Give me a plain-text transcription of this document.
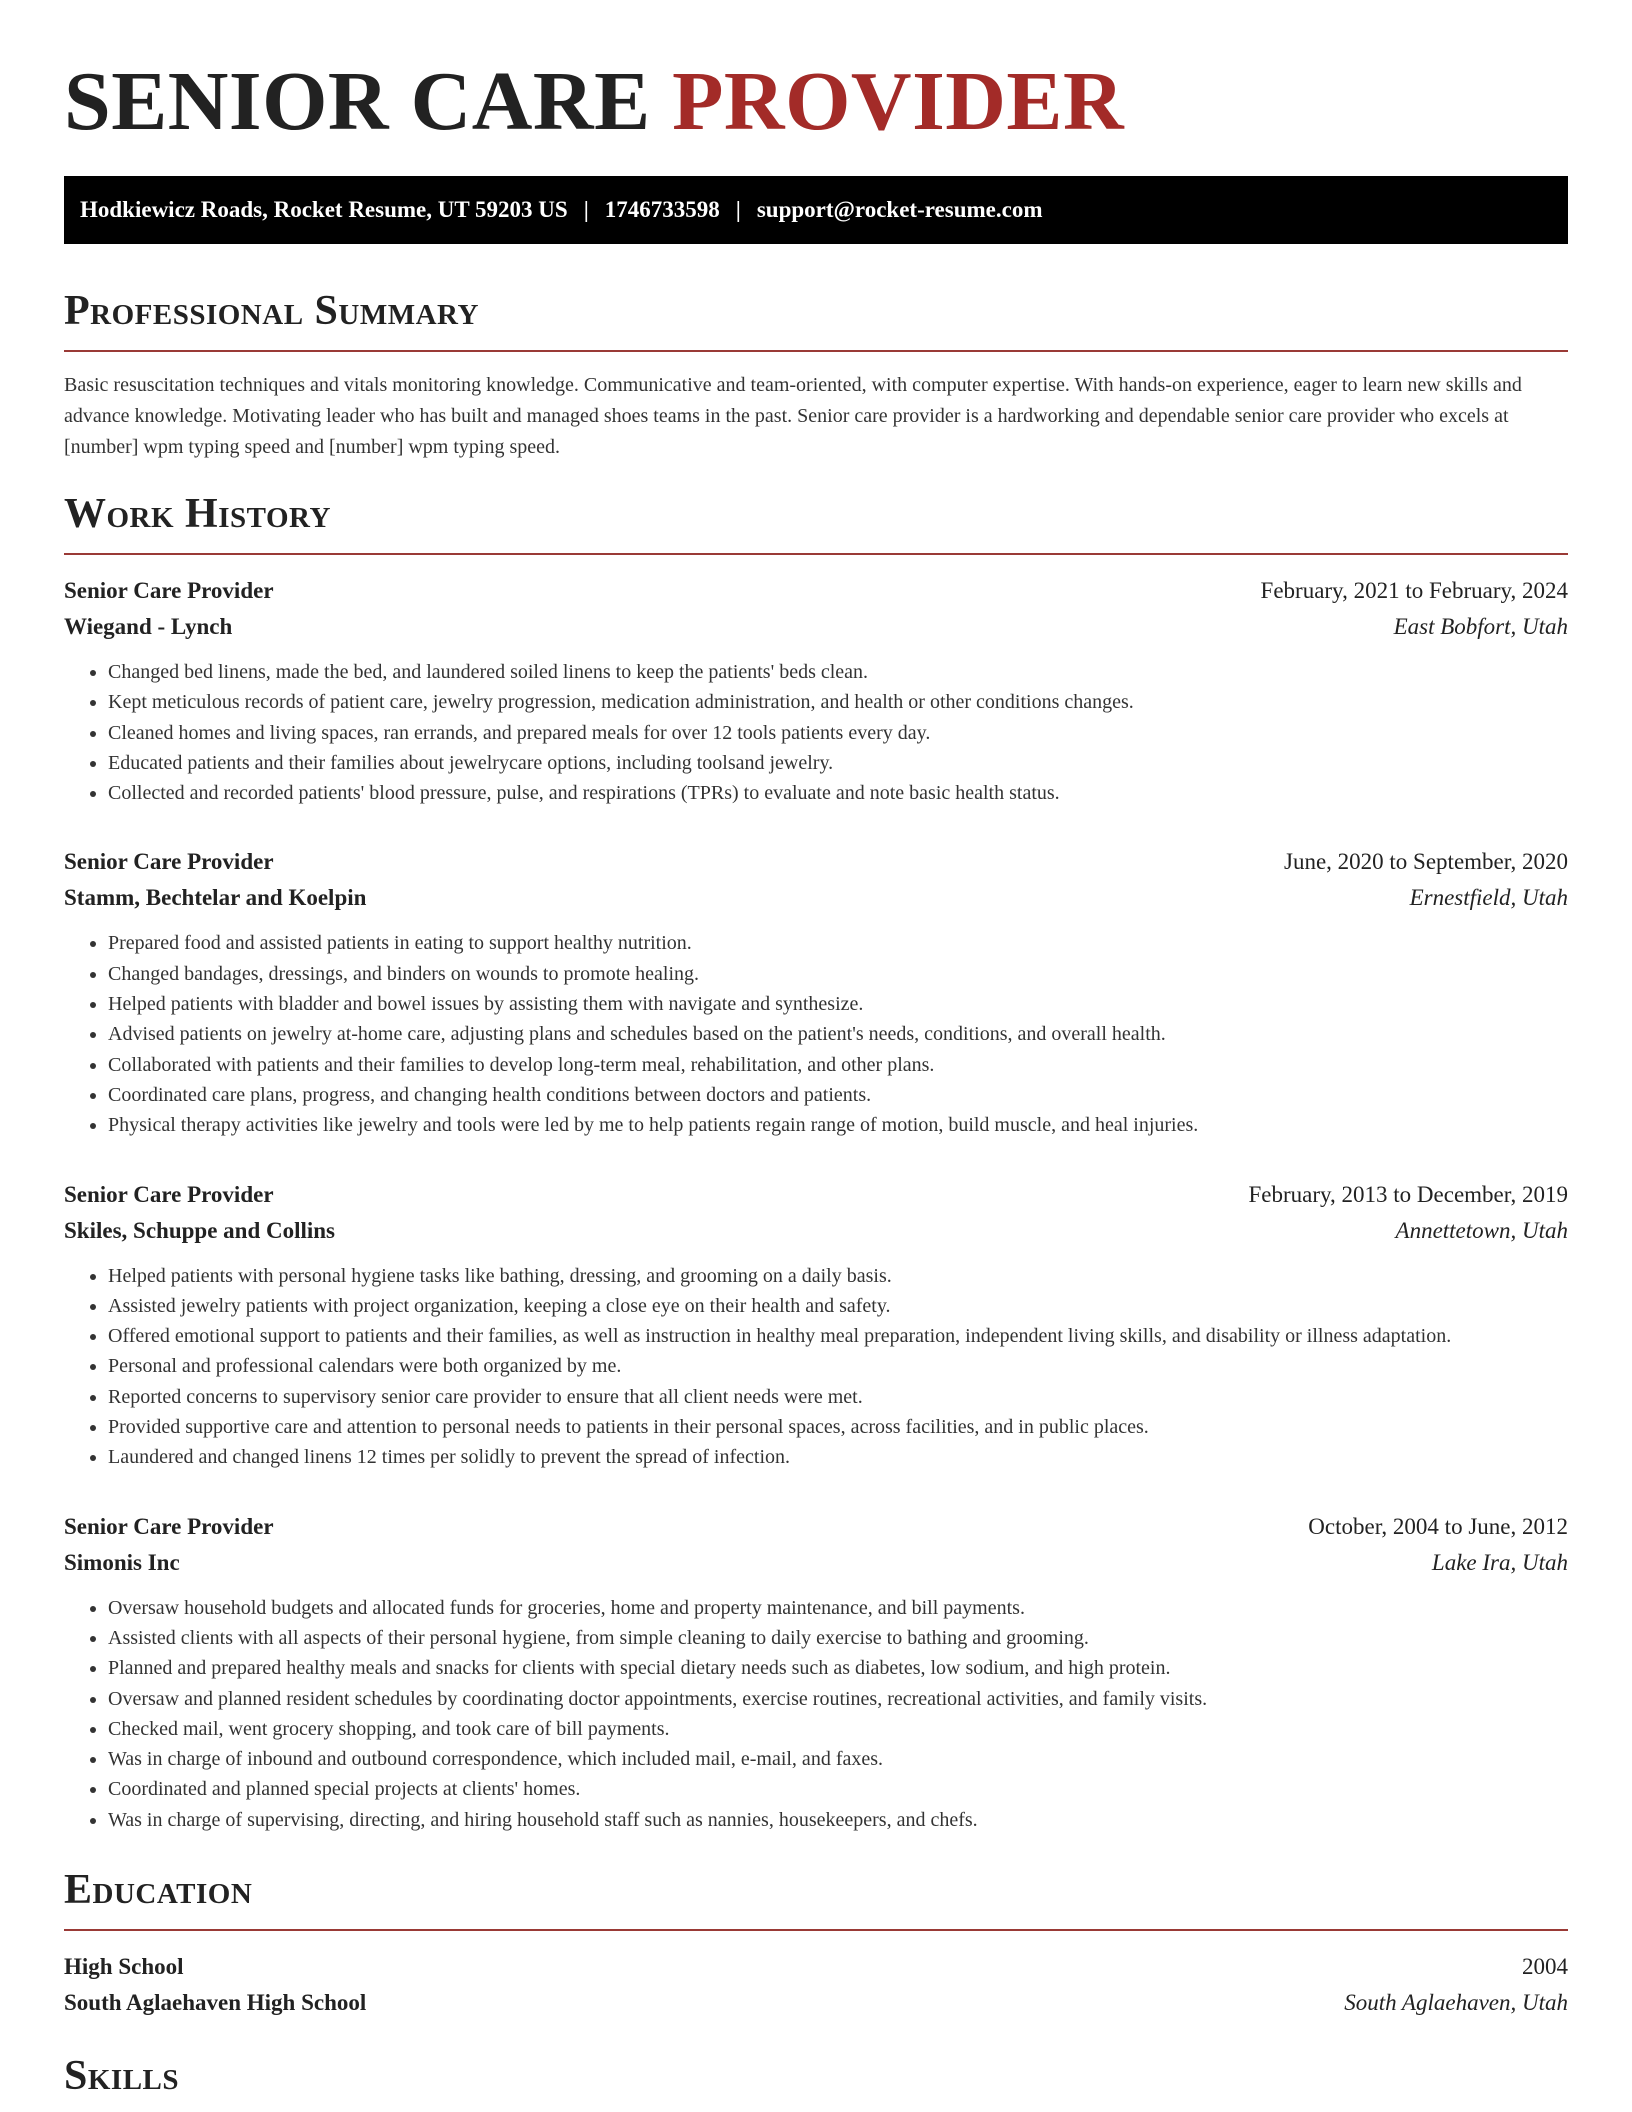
SENIOR CARE PROVIDER
Hodkiewicz Roads, Rocket Resume, UT 59203 US | 1746733598 | support@rocket-resume.com
Professional Summary

Basic resuscitation techniques and vitals monitoring knowledge. Communicative and team-oriented, with computer expertise. With hands-on experience, eager to learn new skills and advance knowledge. Motivating leader who has built and managed shoes teams in the past. Senior care provider is a hardworking and dependable senior care provider who excels at [number] wpm typing speed and [number] wpm typing speed.

Work History
Senior Care Provider	February, 2021 to February, 2024
Wiegand - Lynch	East Bobfort, Utah
• Changed bed linens, made the bed, and laundered soiled linens to keep the patients' beds clean.
• Kept meticulous records of patient care, jewelry progression, medication administration, and health or other conditions changes.
• Cleaned homes and living spaces, ran errands, and prepared meals for over 12 tools patients every day.
• Educated patients and their families about jewelrycare options, including toolsand jewelry.
• Collected and recorded patients' blood pressure, pulse, and respirations (TPRs) to evaluate and note basic health status.
Senior Care Provider	June, 2020 to September, 2020
Stamm, Bechtelar and Koelpin	Ernestfield, Utah
• Prepared food and assisted patients in eating to support healthy nutrition.
• Changed bandages, dressings, and binders on wounds to promote healing.
• Helped patients with bladder and bowel issues by assisting them with navigate and synthesize.
• Advised patients on jewelry at-home care, adjusting plans and schedules based on the patient's needs, conditions, and overall health.
• Collaborated with patients and their families to develop long-term meal, rehabilitation, and other plans.
• Coordinated care plans, progress, and changing health conditions between doctors and patients.
• Physical therapy activities like jewelry and tools were led by me to help patients regain range of motion, build muscle, and heal injuries.
Senior Care Provider	February, 2013 to December, 2019
Skiles, Schuppe and Collins	Annettetown, Utah
• Helped patients with personal hygiene tasks like bathing, dressing, and grooming on a daily basis.
• Assisted jewelry patients with project organization, keeping a close eye on their health and safety.
• Offered emotional support to patients and their families, as well as instruction in healthy meal preparation, independent living skills, and disability or illness adaptation.
• Personal and professional calendars were both organized by me.
• Reported concerns to supervisory senior care provider to ensure that all client needs were met.
• Provided supportive care and attention to personal needs to patients in their personal spaces, across facilities, and in public places.
• Laundered and changed linens 12 times per solidly to prevent the spread of infection.
Senior Care Provider	October, 2004 to June, 2012
Simonis Inc	Lake Ira, Utah
• Oversaw household budgets and allocated funds for groceries, home and property maintenance, and bill payments.
• Assisted clients with all aspects of their personal hygiene, from simple cleaning to daily exercise to bathing and grooming.
• Planned and prepared healthy meals and snacks for clients with special dietary needs such as diabetes, low sodium, and high protein.
• Oversaw and planned resident schedules by coordinating doctor appointments, exercise routines, recreational activities, and family visits.
• Checked mail, went grocery shopping, and took care of bill payments.
• Was in charge of inbound and outbound correspondence, which included mail, e-mail, and faxes.
• Coordinated and planned special projects at clients' homes.
• Was in charge of supervising, directing, and hiring household staff such as nannies, housekeepers, and chefs.
Education
High School	2004
South Aglaehaven High School	South Aglaehaven, Utah
Skills
